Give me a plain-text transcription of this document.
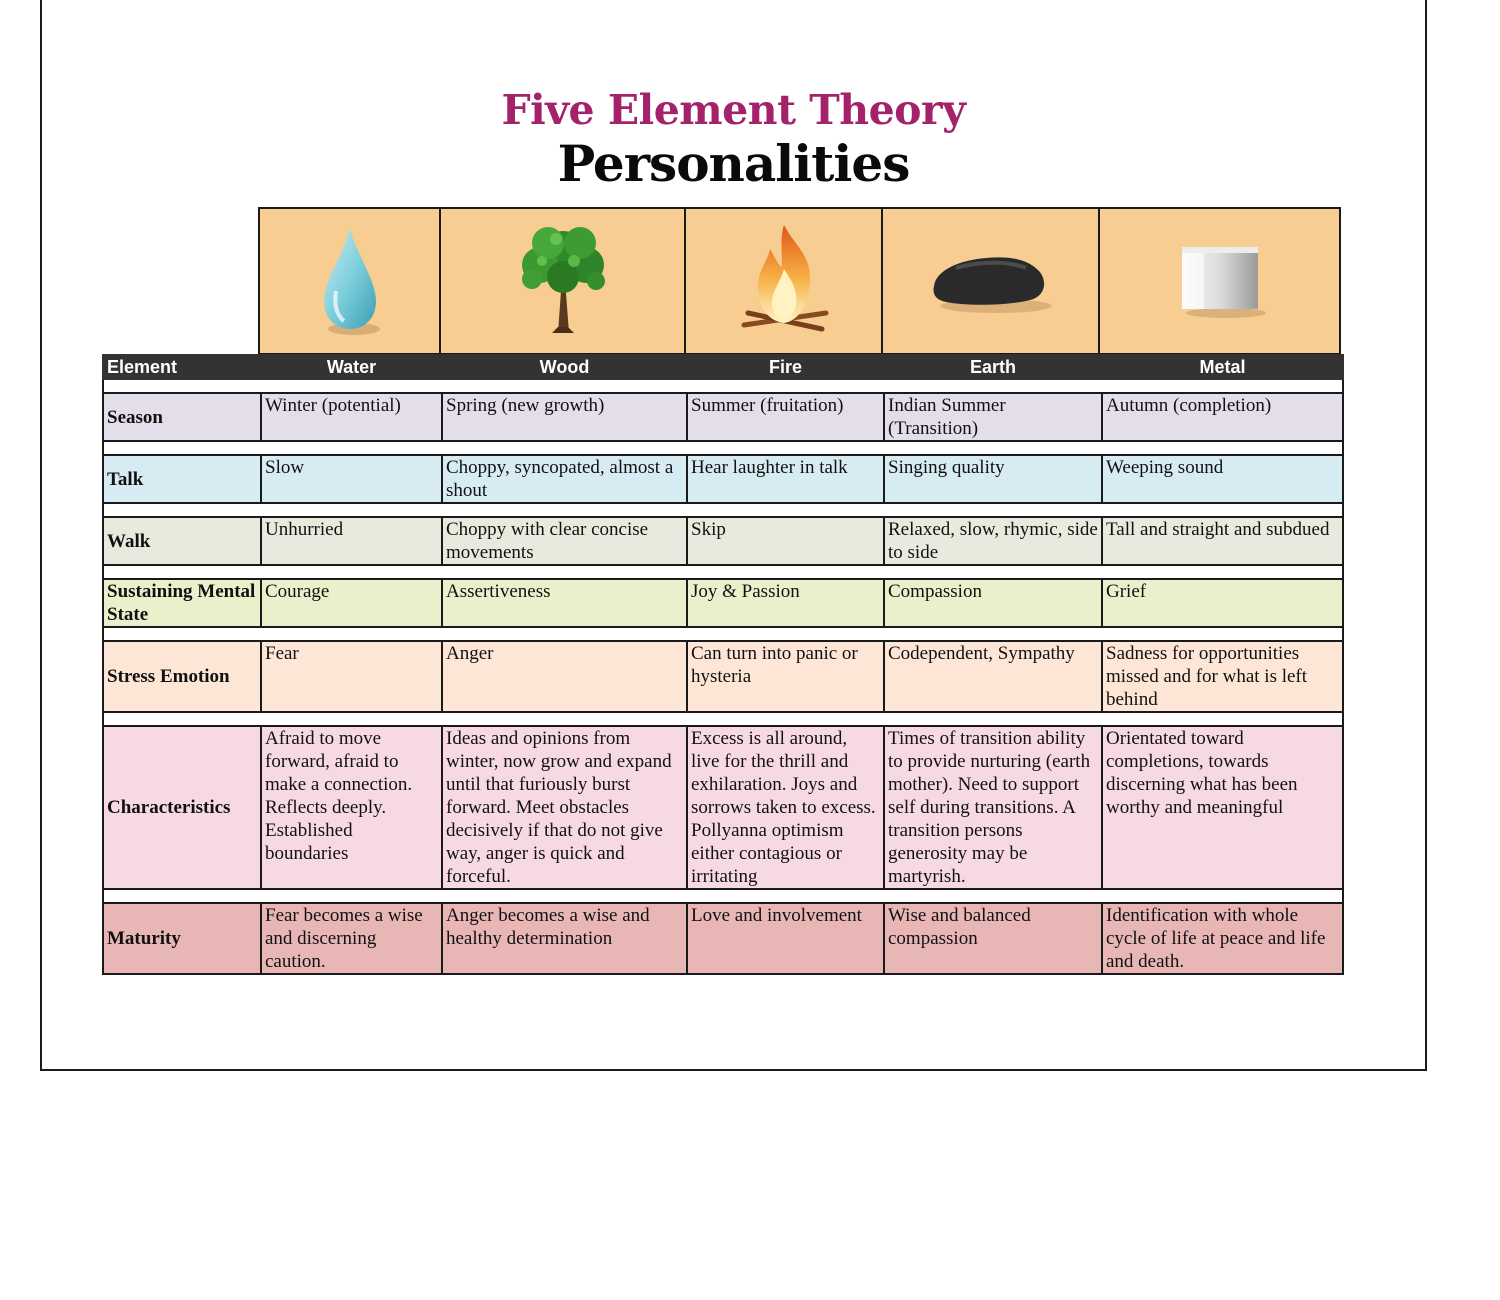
Five Element Theory
Personalities
Element	Water	Wood	Fire	Earth	Metal

Season	Winter (potential)	Spring (new growth)	Summer (fruitation)	Indian Summer (Transition)	Autumn (completion)

Talk	Slow	Choppy, syncopated, almost a shout	Hear laughter in talk	Singing quality	Weeping sound

Walk	Unhurried	Choppy with clear concise movements	Skip	Relaxed, slow, rhymic, side to side	Tall and straight and subdued

Sustaining Mental State	Courage	Assertiveness	Joy & Passion	Compassion	Grief

Stress Emotion	Fear	Anger	Can turn into panic or hysteria	Codependent, Sympathy	Sadness for opportunities missed and for what is left behind

Characteristics	Afraid to move forward, afraid to make a connection. Reflects deeply. Established boundaries	Ideas and opinions from winter, now grow and expand until that furiously burst forward. Meet obstacles decisively if that do not give way, anger is quick and forceful.	Excess is all around, live for the thrill and exhilaration. Joys and sorrows taken to excess. Pollyanna optimism either contagious or irritating	Times of transition ability to provide nurturing (earth mother). Need to support self during transitions. A transition persons generosity may be martyrish.	Orientated toward completions, towards discerning what has been worthy and meaningful

Maturity	Fear becomes a wise and discerning caution.	Anger becomes a wise and healthy determination	Love and involvement	Wise and balanced compassion	Identification with whole cycle of life at peace and life and death.
